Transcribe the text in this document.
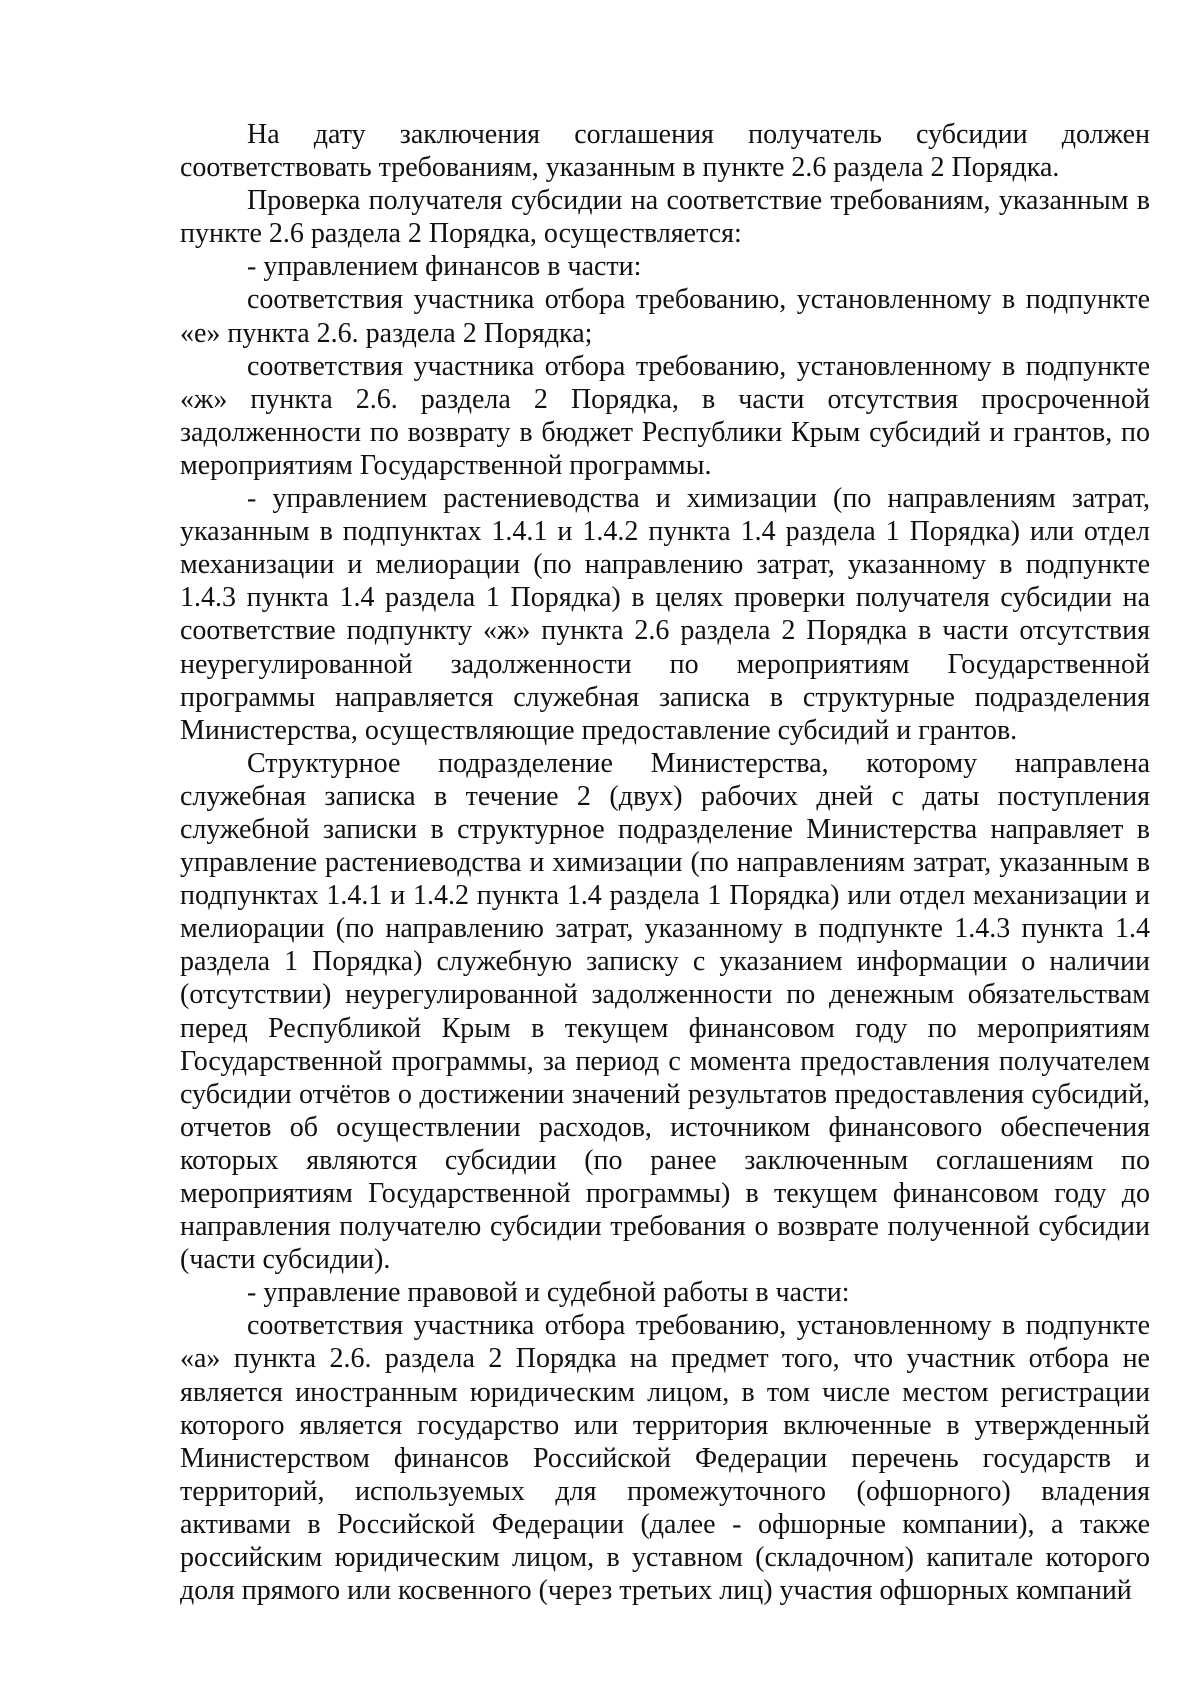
На дату заключения соглашения получатель субсидии должен соответствовать требованиям, указанным в пункте 2.6 раздела 2 Порядка.

Проверка получателя субсидии на соответствие требованиям, указанным в пункте 2.6 раздела 2 Порядка, осуществляется:

- управлением финансов в части:

соответствия участника отбора требованию, установленному в подпункте «е» пункта 2.6. раздела 2 Порядка;

соответствия участника отбора требованию, установленному в подпункте «ж» пункта 2.6. раздела 2 Порядка, в части отсутствия просроченной задолженности по возврату в бюджет Республики Крым субсидий и грантов, по мероприятиям Государственной программы.

- управлением растениеводства и химизации (по направлениям затрат, указанным в подпунктах 1.4.1 и 1.4.2 пункта 1.4 раздела 1 Порядка) или отдел механизации и мелиорации (по направлению затрат, указанному в подпункте 1.4.3 пункта 1.4 раздела 1 Порядка) в целях проверки получателя субсидии на соответствие подпункту «ж» пункта 2.6 раздела 2 Порядка в части отсутствия неурегулированной задолженности по мероприятиям Государственной программы направляется служебная записка в структурные подразделения Министерства, осуществляющие предоставление субсидий и грантов.

Структурное подразделение Министерства, которому направлена служебная записка в течение 2 (двух) рабочих дней с даты поступления служебной записки в структурное подразделение Министерства направляет в управление растениеводства и химизации (по направлениям затрат, указанным в подпунктах 1.4.1 и 1.4.2 пункта 1.4 раздела 1 Порядка) или отдел механизации и мелиорации (по направлению затрат, указанному в подпункте 1.4.3 пункта 1.4 раздела 1 Порядка) служебную записку с указанием информации о наличии (отсутствии) неурегулированной задолженности по денежным обязательствам перед Республикой Крым в текущем финансовом году по мероприятиям Государственной программы, за период с момента предоставления получателем субсидии отчётов о достижении значений результатов предоставления субсидий, отчетов об осуществлении расходов, источником финансового обеспечения которых являются субсидии (по ранее заключенным соглашениям по мероприятиям Государственной программы) в текущем финансовом году до направления получателю субсидии требования о возврате полученной субсидии (части субсидии).

- управление правовой и судебной работы в части:

соответствия участника отбора требованию, установленному в подпункте «а» пункта 2.6. раздела 2 Порядка на предмет того, что участник отбора не является иностранным юридическим лицом, в том числе местом регистрации которого является государство или территория включенные в утвержденный Министерством финансов Российской Федерации перечень государств и территорий, используемых для промежуточного (офшорного) владения активами в Российской Федерации (далее - офшорные компании), а также российским юридическим лицом, в уставном (складочном) капитале которого доля прямого или косвенного (через третьих лиц) участия офшорных компаний
